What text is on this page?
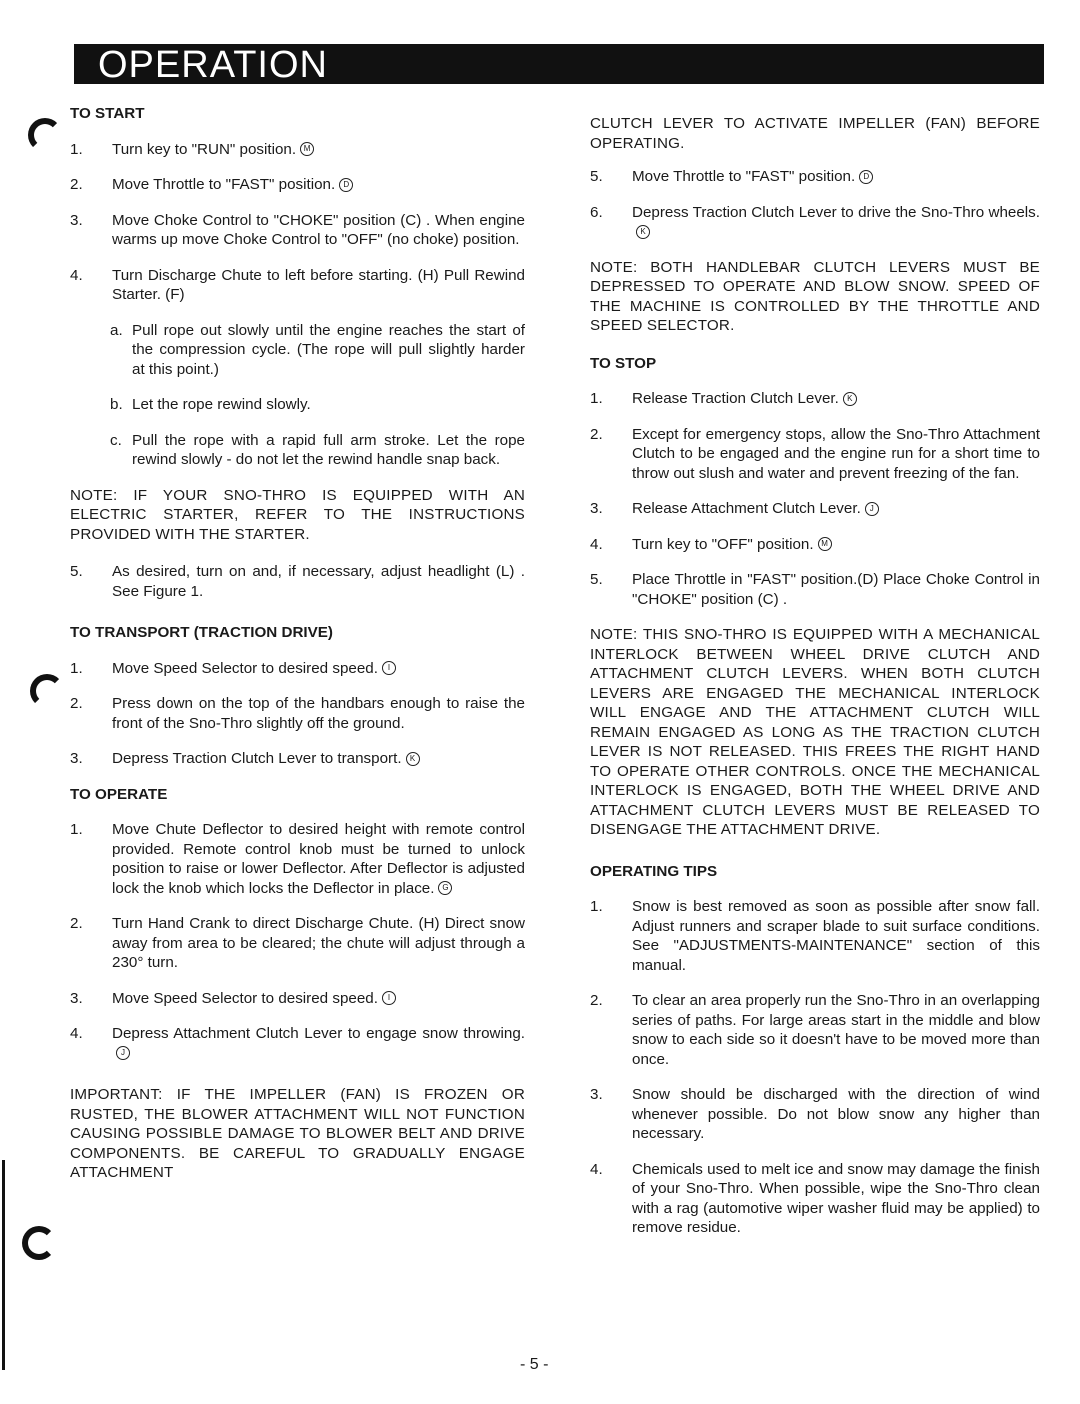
OPERATION
TO START
1.	Turn key to "RUN" position. M
2.	Move Throttle to "FAST" position. D
3.	Move Choke Control to "CHOKE" position (C) . When engine warms up move Choke Control to "OFF" (no choke) position.
4.	Turn Discharge Chute to left before starting. (H) Pull Rewind Starter. (F)
a. Pull rope out slowly until the engine reaches the start of the compression cycle. (The rope will pull slightly harder at this point.)
b. Let the rope rewind slowly.
c. Pull the rope with a rapid full arm stroke. Let the rope rewind slowly - do not let the rewind handle snap back.

NOTE: IF YOUR SNO-THRO IS EQUIPPED WITH AN ELECTRIC STARTER, REFER TO THE INSTRUCTIONS PROVIDED WITH THE STARTER.

5.	As desired, turn on and, if necessary, adjust headlight (L) . See Figure 1.
TO TRANSPORT (TRACTION DRIVE)
1.	Move Speed Selector to desired speed. I
2.	Press down on the top of the handbars enough to raise the front of the Sno-Thro slightly off the ground.
3.	Depress Traction Clutch Lever to transport. K
TO OPERATE
1.	Move Chute Deflector to desired height with remote control provided. Remote control knob must be turned to unlock position to raise or lower Deflector. After Deflector is adjusted lock the knob which locks the Deflector in place. G
2.	Turn Hand Crank to direct Discharge Chute. (H) Direct snow away from area to be cleared; the chute will adjust through a 230° turn.
3.	Move Speed Selector to desired speed. I
4.	Depress Attachment Clutch Lever to engage snow throwing.J

IMPORTANT: IF THE IMPELLER (FAN) IS FROZEN OR RUSTED, THE BLOWER ATTACHMENT WILL NOT FUNCTION CAUSING POSSIBLE DAMAGE TO BLOWER BELT AND DRIVE COMPONENTS. BE CAREFUL TO GRADUALLY ENGAGE ATTACHMENT

CLUTCH LEVER TO ACTIVATE IMPELLER (FAN) BEFORE OPERATING.

5.	Move Throttle to "FAST" position. D
6.	Depress Traction Clutch Lever to drive the Sno-Thro wheels.K

NOTE: BOTH HANDLEBAR CLUTCH LEVERS MUST BE DEPRESSED TO OPERATE AND BLOW SNOW. SPEED OF THE MACHINE IS CONTROLLED BY THE THROTTLE AND SPEED SELECTOR.

TO STOP
1.	Release Traction Clutch Lever. K
2.	Except for emergency stops, allow the Sno-Thro Attachment Clutch to be engaged and the engine run for a short time to throw out slush and water and prevent freezing of the fan.
3.	Release Attachment Clutch Lever. J
4.	Turn key to "OFF" position. M
5.	Place Throttle in "FAST" position.(D) Place Choke Control in "CHOKE" position (C) .

NOTE: THIS SNO-THRO IS EQUIPPED WITH A MECHANICAL INTERLOCK BETWEEN WHEEL DRIVE CLUTCH AND ATTACHMENT CLUTCH LEVERS. WHEN BOTH CLUTCH LEVERS ARE ENGAGED THE MECHANICAL INTERLOCK WILL ENGAGE AND THE ATTACHMENT CLUTCH WILL REMAIN ENGAGED AS LONG AS THE TRACTION CLUTCH LEVER IS NOT RELEASED. THIS FREES THE RIGHT HAND TO OPERATE OTHER CONTROLS. ONCE THE MECHANICAL INTERLOCK IS ENGAGED, BOTH THE WHEEL DRIVE AND ATTACHMENT CLUTCH LEVERS MUST BE RELEASED TO DISENGAGE THE ATTACHMENT DRIVE.

OPERATING TIPS
1.	Snow is best removed as soon as possible after snow fall. Adjust runners and scraper blade to suit surface conditions. See "ADJUSTMENTS-MAINTENANCE" section of this manual.
2.	To clear an area properly run the Sno-Thro in an overlapping series of paths. For large areas start in the middle and blow snow to each side so it doesn't have to be moved more than once.
3.	Snow should be discharged with the direction of wind whenever possible. Do not blow snow any higher than necessary.
4.	Chemicals used to melt ice and snow may damage the finish of your Sno-Thro. When possible, wipe the Sno-Thro clean with a rag (automotive wiper washer fluid may be applied) to remove residue.
- 5 -
